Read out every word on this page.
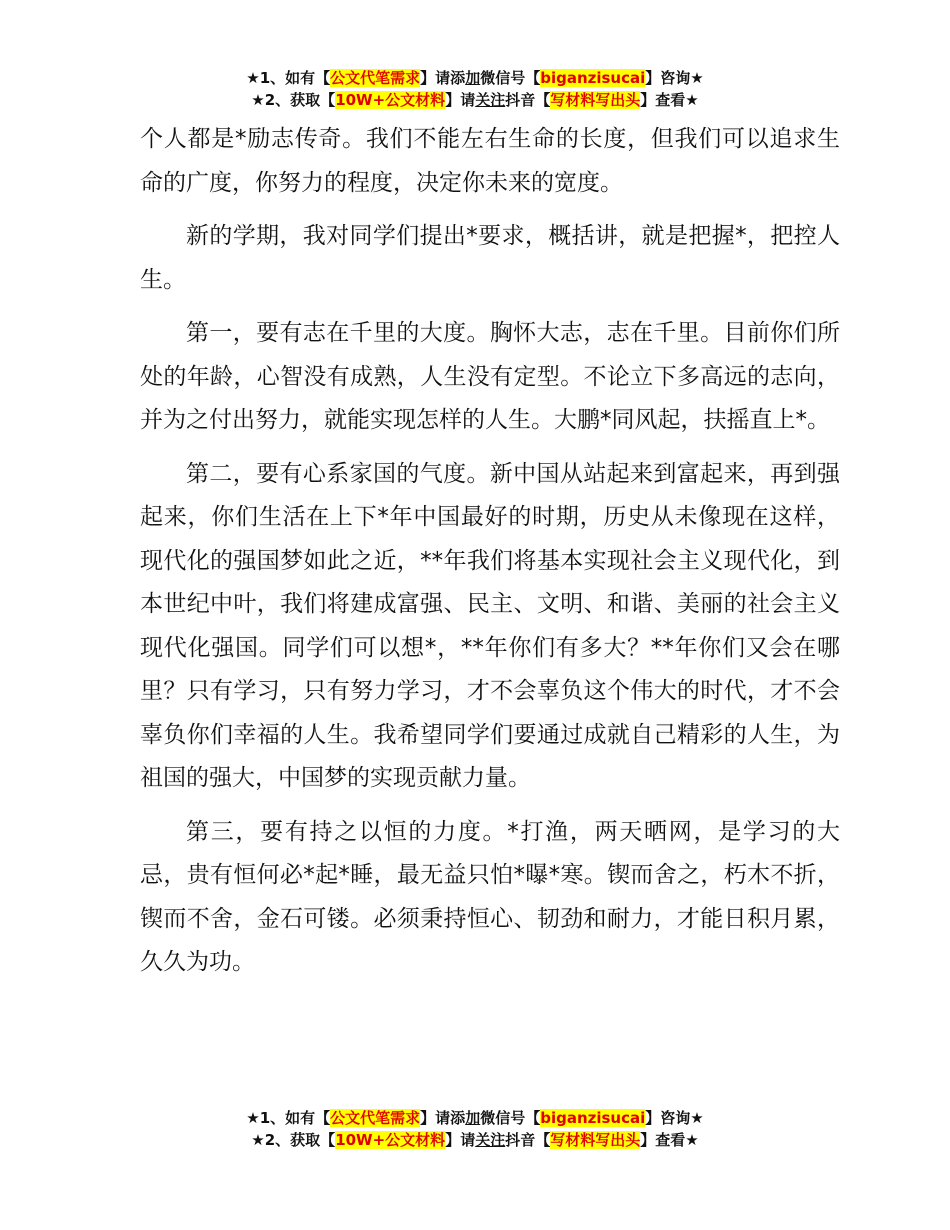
★1、如有【公文代笔需求】请添加微信号【biganzisucai】咨询★
★2、获取【10W+公文材料】请关注抖音【写材料写出头】查看★

个人都是*励志传奇。我们不能左右生命的长度，但我们可以追求生命的广度，你努力的程度，决定你未来的宽度。

新的学期，我对同学们提出*要求，概括讲，就是把握*，把控人生。

第一，要有志在千里的大度。胸怀大志，志在千里。目前你们所处的年龄，心智没有成熟，人生没有定型。不论立下多高远的志向，并为之付出努力，就能实现怎样的人生。大鹏*同风起，扶摇直上*。

第二，要有心系家国的气度。新中国从站起来到富起来，再到强起来，你们生活在上下*年中国最好的时期，历史从未像现在这样，现代化的强国梦如此之近，**年我们将基本实现社会主义现代化，到本世纪中叶，我们将建成富强、民主、文明、和谐、美丽的社会主义现代化强国。同学们可以想*，**年你们有多大？**年你们又会在哪里？只有学习，只有努力学习，才不会辜负这个伟大的时代，才不会辜负你们幸福的人生。我希望同学们要通过成就自己精彩的人生，为祖国的强大，中国梦的实现贡献力量。

第三，要有持之以恒的力度。*打渔，两天晒网，是学习的大忌，贵有恒何必*起*睡，最无益只怕*曝*寒。锲而舍之，朽木不折，锲而不舍，金石可镂。必须秉持恒心、韧劲和耐力，才能日积月累，久久为功。

★1、如有【公文代笔需求】请添加微信号【biganzisucai】咨询★
★2、获取【10W+公文材料】请关注抖音【写材料写出头】查看★
